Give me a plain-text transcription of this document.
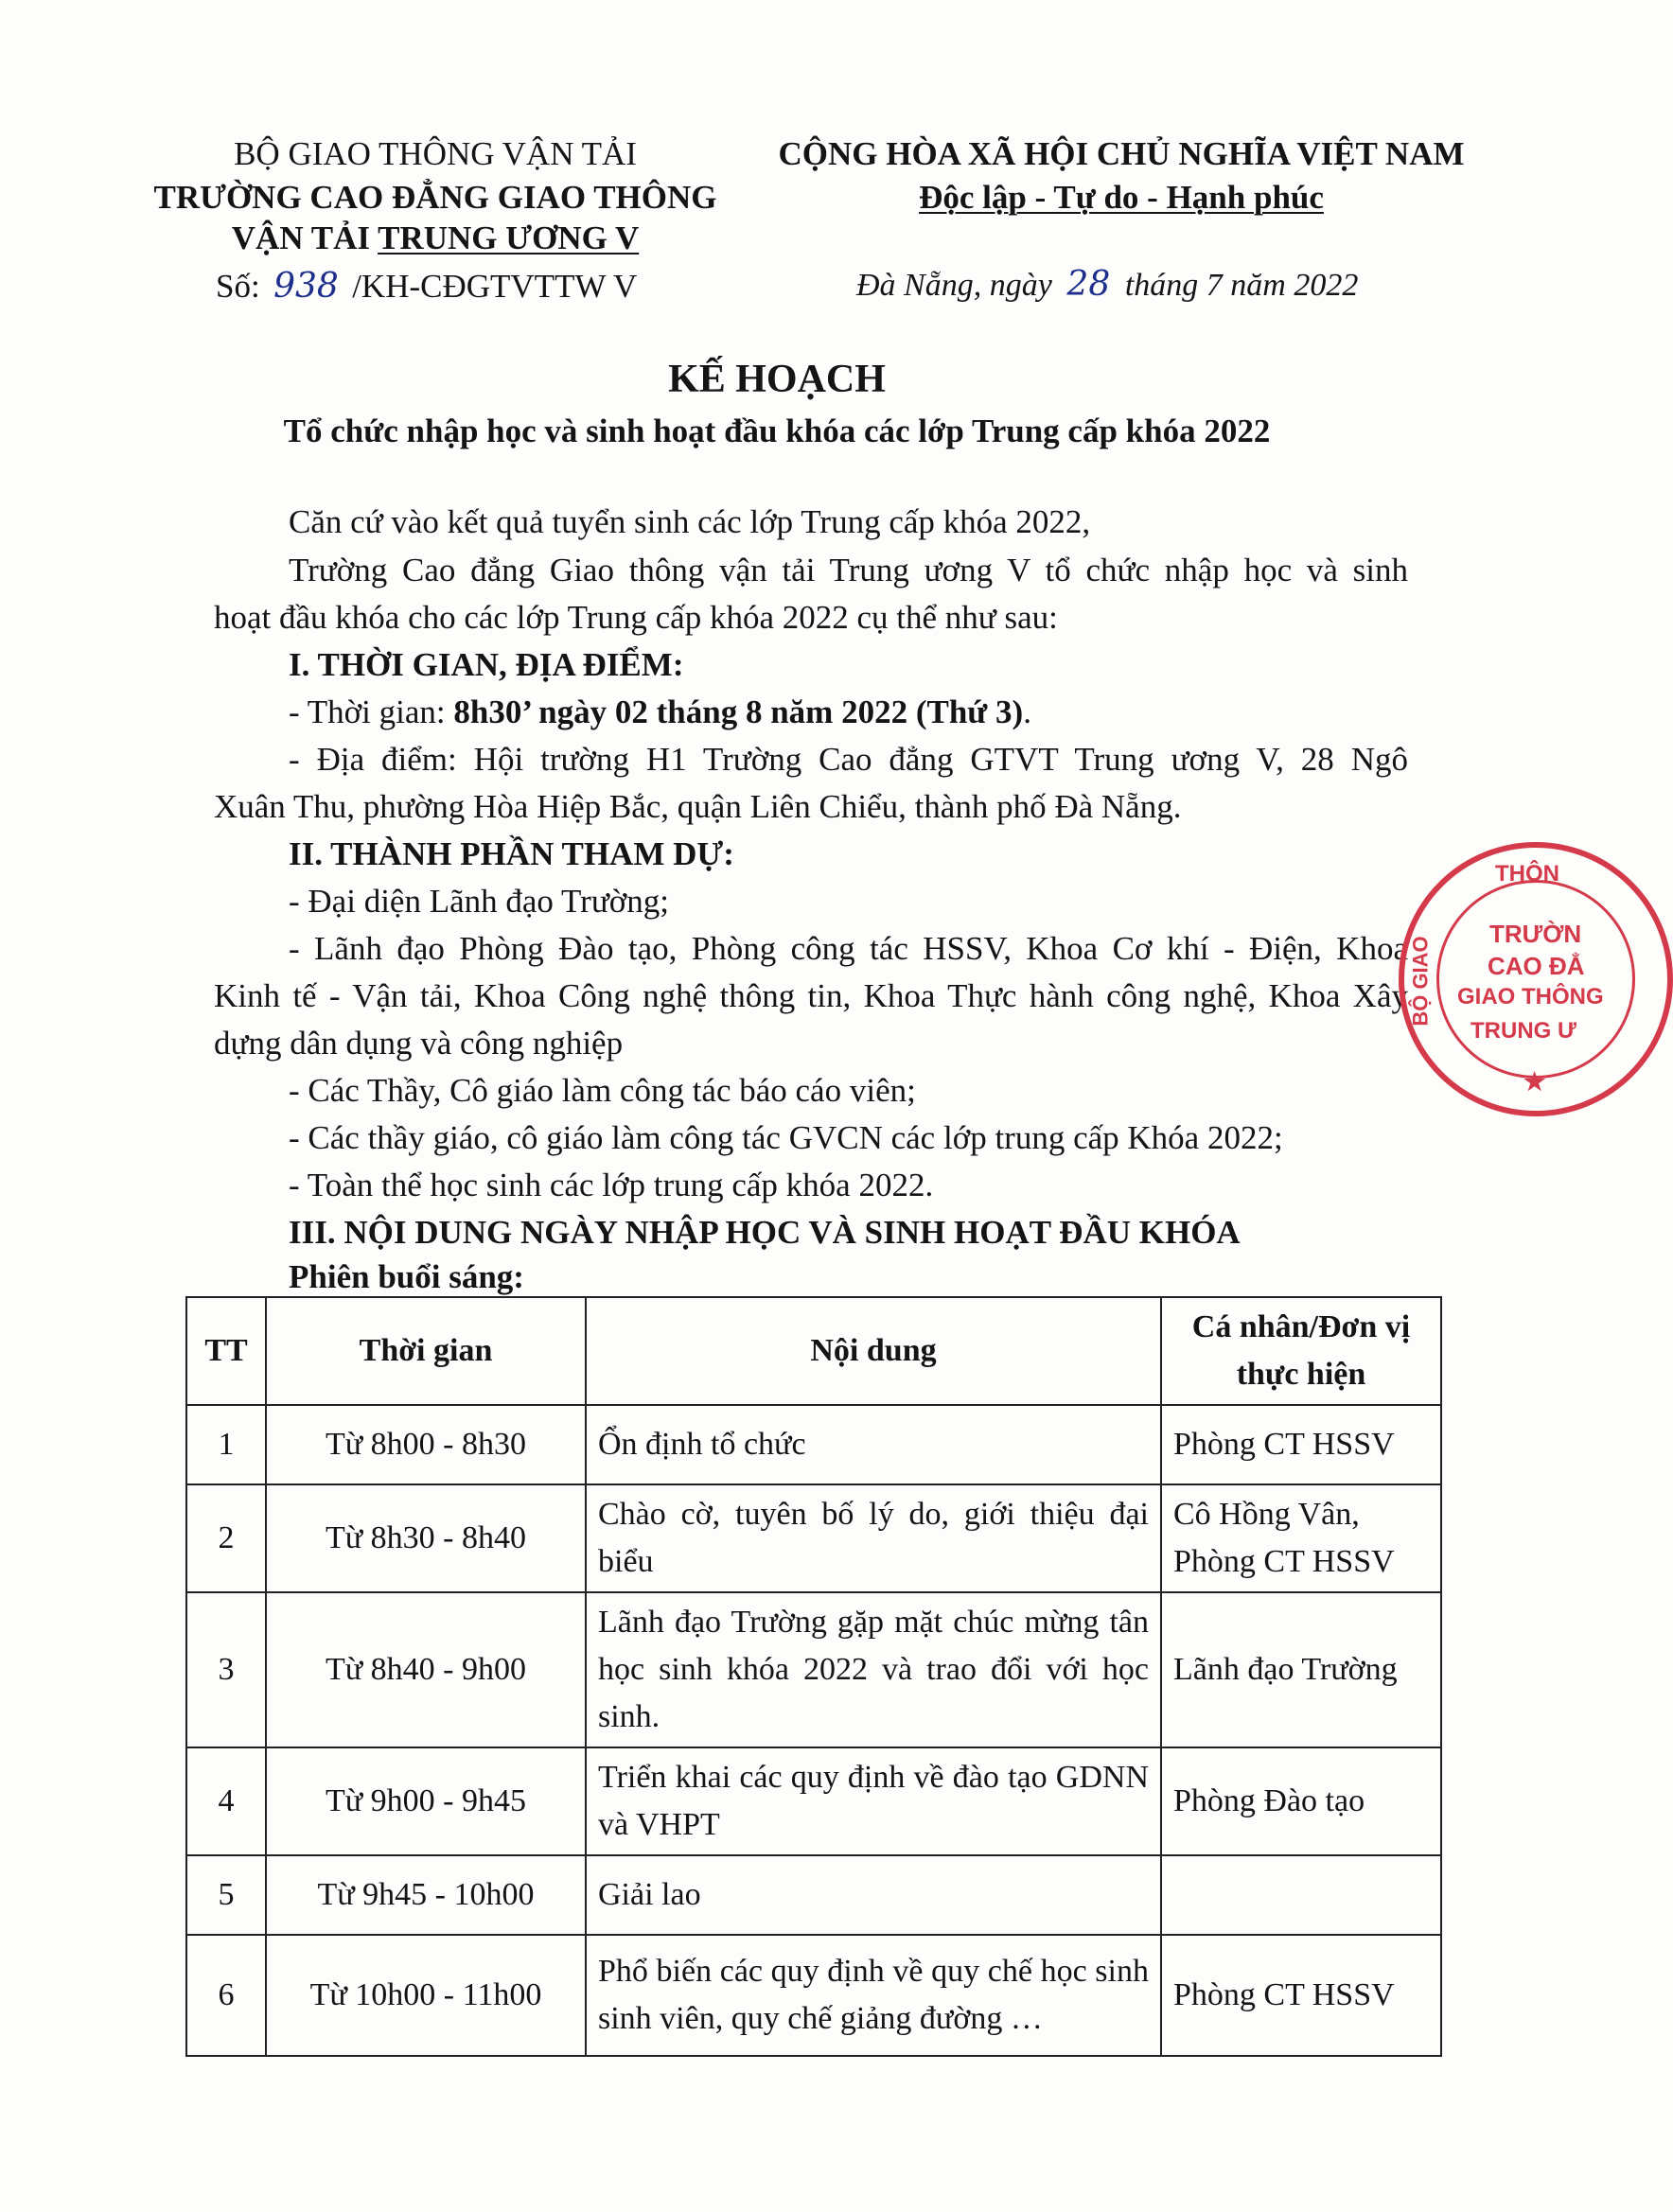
BỘ GIAO THÔNG VẬN TẢI
TRƯỜNG CAO ĐẲNG GIAO THÔNG
VẬN TẢI TRUNG ƯƠNG V
Số: 938 /KH-CĐGTVTTW V
CỘNG HÒA XÃ HỘI CHỦ NGHĨA VIỆT NAM
Độc lập - Tự do - Hạnh phúc
Đà Nẵng, ngày 28 tháng 7 năm 2022
KẾ HOẠCH
Tổ chức nhập học và sinh hoạt đầu khóa các lớp Trung cấp khóa 2022
Căn cứ vào kết quả tuyển sinh các lớp Trung cấp khóa 2022,
Trường Cao đẳng Giao thông vận tải Trung ương V tổ chức nhập học và sinh
hoạt đầu khóa cho các lớp Trung cấp khóa 2022 cụ thể như sau:
I. THỜI GIAN, ĐỊA ĐIỂM:
- Thời gian: 8h30’ ngày 02 tháng 8 năm 2022 (Thứ 3).
- Địa điểm: Hội trường H1 Trường Cao đẳng GTVT Trung ương V, 28 Ngô
Xuân Thu, phường Hòa Hiệp Bắc, quận Liên Chiểu, thành phố Đà Nẵng.
II. THÀNH PHẦN THAM DỰ:
- Đại diện Lãnh đạo Trường;
- Lãnh đạo Phòng Đào tạo, Phòng công tác HSSV, Khoa Cơ khí - Điện, Khoa
Kinh tế - Vận tải, Khoa Công nghệ thông tin, Khoa Thực hành công nghệ, Khoa Xây
dựng dân dụng và công nghiệp
- Các Thầy, Cô giáo làm công tác báo cáo viên;
- Các thầy giáo, cô giáo làm công tác GVCN các lớp trung cấp Khóa 2022;
- Toàn thể học sinh các lớp trung cấp khóa 2022.
III. NỘI DUNG NGÀY NHẬP HỌC VÀ SINH HOẠT ĐẦU KHÓA
Phiên buổi sáng:
TT	Thời gian	Nội dung	Cá nhân/Đơn vị thực hiện
1	Từ 8h00 - 8h30	Ổn định tổ chức	Phòng CT HSSV
2	Từ 8h30 - 8h40	Chào cờ, tuyên bố lý do, giới thiệu đại biểu	Cô Hồng Vân, Phòng CT HSSV
3	Từ 8h40 - 9h00	Lãnh đạo Trường gặp mặt chúc mừng tân học sinh khóa 2022 và trao đổi với học sinh.	Lãnh đạo Trường
4	Từ 9h00 - 9h45	Triển khai các quy định về đào tạo GDNN và VHPT	Phòng Đào tạo
5	Từ 9h45 - 10h00	Giải lao	
6	Từ 10h00 - 11h00	Phổ biến các quy định về quy chế học sinh sinh viên, quy chế giảng đường …	Phòng CT HSSV
THÔN
BỘ GIAO
TRƯỜN
CAO ĐẲ
GIAO THÔNG
TRUNG Ư
★
